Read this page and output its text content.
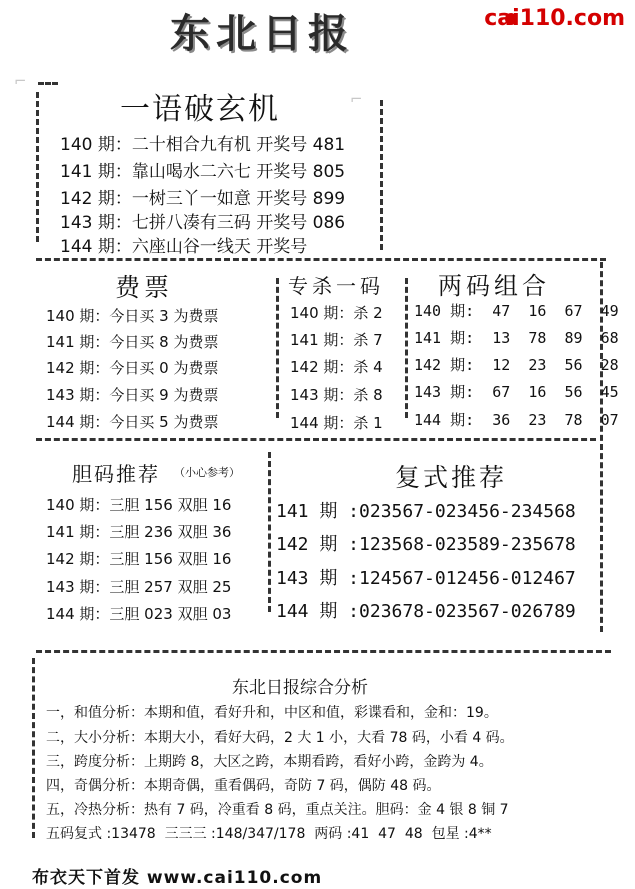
东北日报	cai110.com
⌐
⌐
一语破玄机
140 期：二十相合九有机 开奖号 481
141 期：靠山喝水二六七 开奖号 805
142 期：一树三丫一如意 开奖号 899
143 期：七拼八凑有三码 开奖号 086
144 期：六座山谷一线天 开奖号
费票
140 期：今日买 3 为费票
141 期：今日买 8 为费票
142 期：今日买 0 为费票
143 期：今日买 9 为费票
144 期：今日买 5 为费票
专杀一码
140 期：杀 2
141 期：杀 7
142 期：杀 4
143 期：杀 8
144 期：杀 1
两码组合
140 期:  47  16  67  49
141 期:  13  78  89  68
142 期:  12  23  56  28
143 期:  67  16  56  45
144 期:  36  23  78  07
胆码推荐 （小心参考）
140 期：三胆 156 双胆 16
141 期：三胆 236 双胆 36
142 期：三胆 156 双胆 16
143 期：三胆 257 双胆 25
144 期：三胆 023 双胆 03
复式推荐
141 期 :023567-023456-234568
142 期 :123568-023589-235678
143 期 :124567-012456-012467
144 期 :023678-023567-026789
东北日报综合分析
一，和值分析：本期和值，看好升和，中区和值，彩谍看和，金和：19。
二，大小分析：本期大小，看好大码，2 大 1 小，大看 78 码，小看 4 码。
三，跨度分析：上期跨 8，大区之跨，本期看跨，看好小跨，金跨为 4。
四，奇偶分析：本期奇偶，重看偶码，奇防 7 码，偶防 48 码。
五，冷热分析：热有 7 码，冷重看 8 码，重点关注。胆码：金 4 银 8 铜 7
五码复式 :13478  三三三 :148/347/178  两码 :41  47  48  包星 :4**
布衣天下首发 www.cai110.com
